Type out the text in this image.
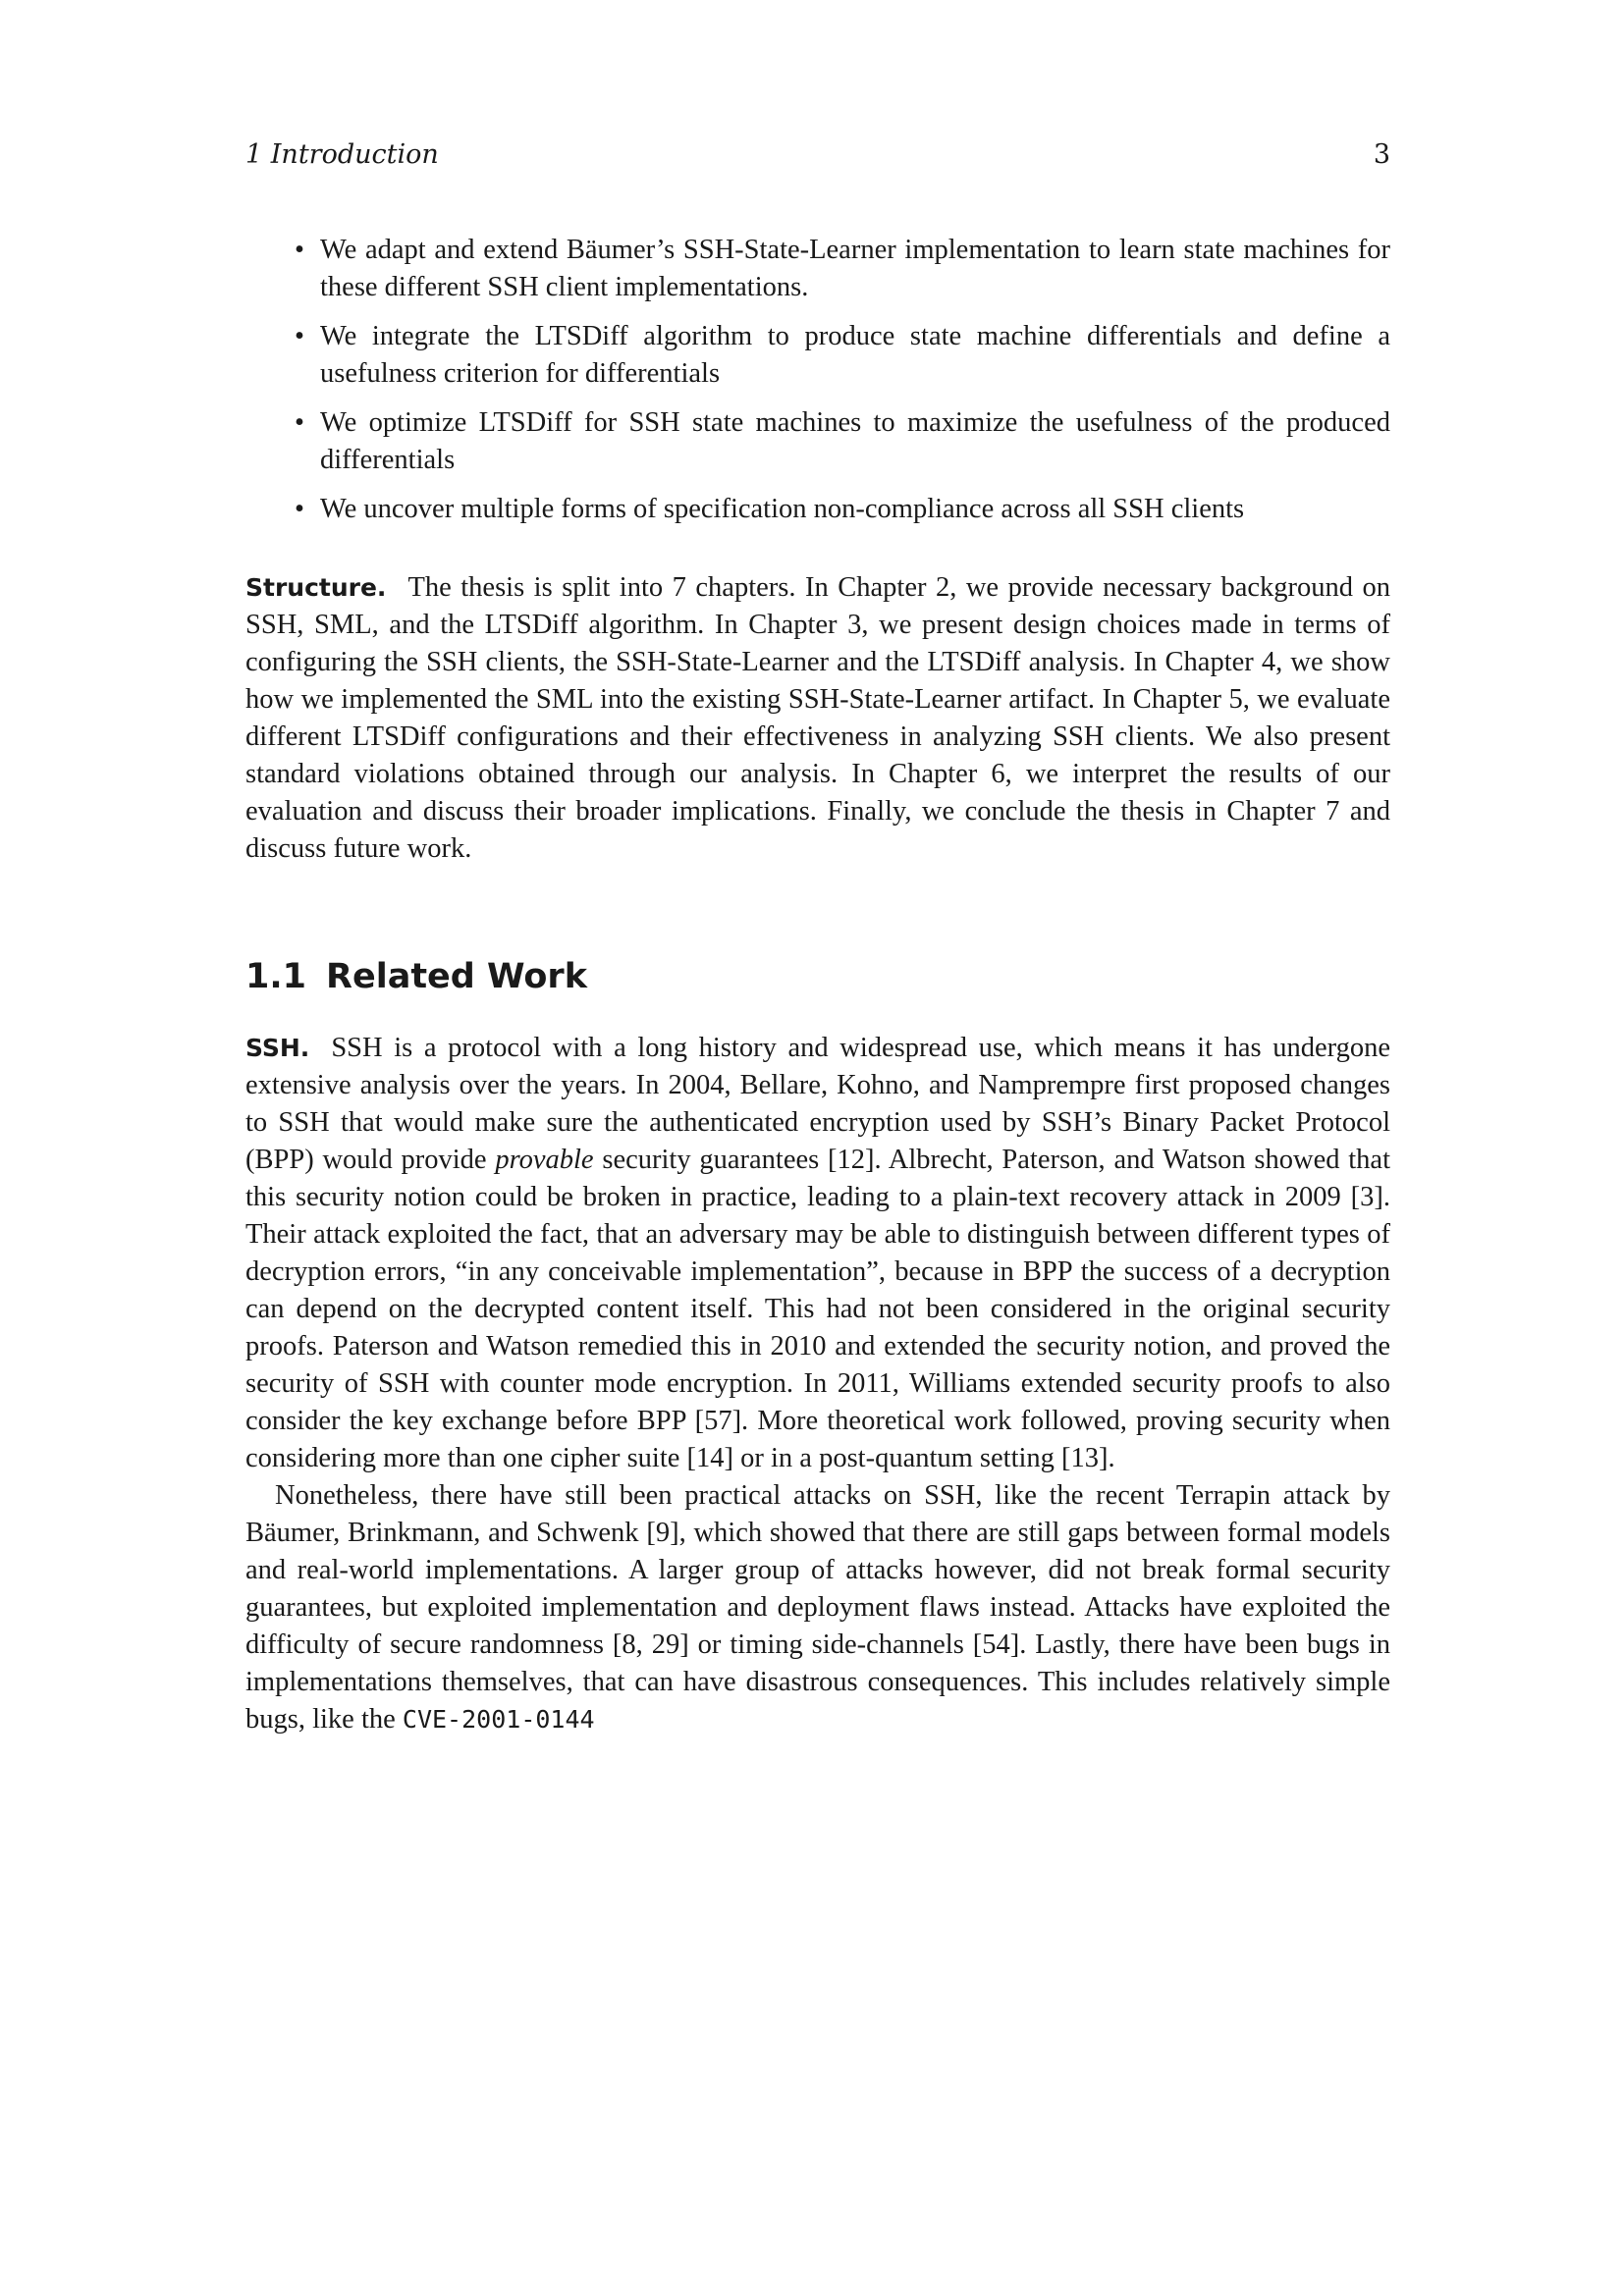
1 Introduction	3
• We adapt and extend Bäumer’s SSH-State-Learner implementation to learn state machines for these different SSH client implementations.
• We integrate the LTSDiff algorithm to produce state machine differentials and define a usefulness criterion for differentials
• We optimize LTSDiff for SSH state machines to maximize the usefulness of the produced differentials
• We uncover multiple forms of specification non-compliance across all SSH clients

Structure. The thesis is split into 7 chapters. In Chapter 2, we provide necessary background on SSH, SML, and the LTSDiff algorithm. In Chapter 3, we present design choices made in terms of configuring the SSH clients, the SSH-State-Learner and the LTSDiff analysis. In Chapter 4, we show how we implemented the SML into the existing SSH-State-Learner artifact. In Chapter 5, we evaluate different LTSDiff configurations and their effectiveness in analyzing SSH clients. We also present standard violations obtained through our analysis. In Chapter 6, we interpret the results of our evaluation and discuss their broader implications. Finally, we conclude the thesis in Chapter 7 and discuss future work.

1.1 Related Work

SSH. SSH is a protocol with a long history and widespread use, which means it has undergone extensive analysis over the years. In 2004, Bellare, Kohno, and Namprempre first proposed changes to SSH that would make sure the authenticated encryption used by SSH’s Binary Packet Protocol (BPP) would provide provable security guarantees [12]. Albrecht, Paterson, and Watson showed that this security notion could be broken in practice, leading to a plain-text recovery attack in 2009 [3]. Their attack exploited the fact, that an adversary may be able to distinguish between different types of decryption errors, “in any conceivable implementation”, because in BPP the success of a decryption can depend on the decrypted content itself. This had not been considered in the original security proofs. Paterson and Watson remedied this in 2010 and extended the security notion, and proved the security of SSH with counter mode encryption. In 2011, Williams extended security proofs to also consider the key exchange before BPP [57]. More theoretical work followed, proving security when considering more than one cipher suite [14] or in a post-quantum setting [13].

Nonetheless, there have still been practical attacks on SSH, like the recent Terrapin attack by Bäumer, Brinkmann, and Schwenk [9], which showed that there are still gaps between formal models and real-world implementations. A larger group of attacks however, did not break formal security guarantees, but exploited implementation and deployment flaws instead. Attacks have exploited the difficulty of secure randomness [8, 29] or timing side-channels [54]. Lastly, there have been bugs in implementations themselves, that can have disastrous consequences. This includes relatively simple bugs, like the CVE-2001-0144
